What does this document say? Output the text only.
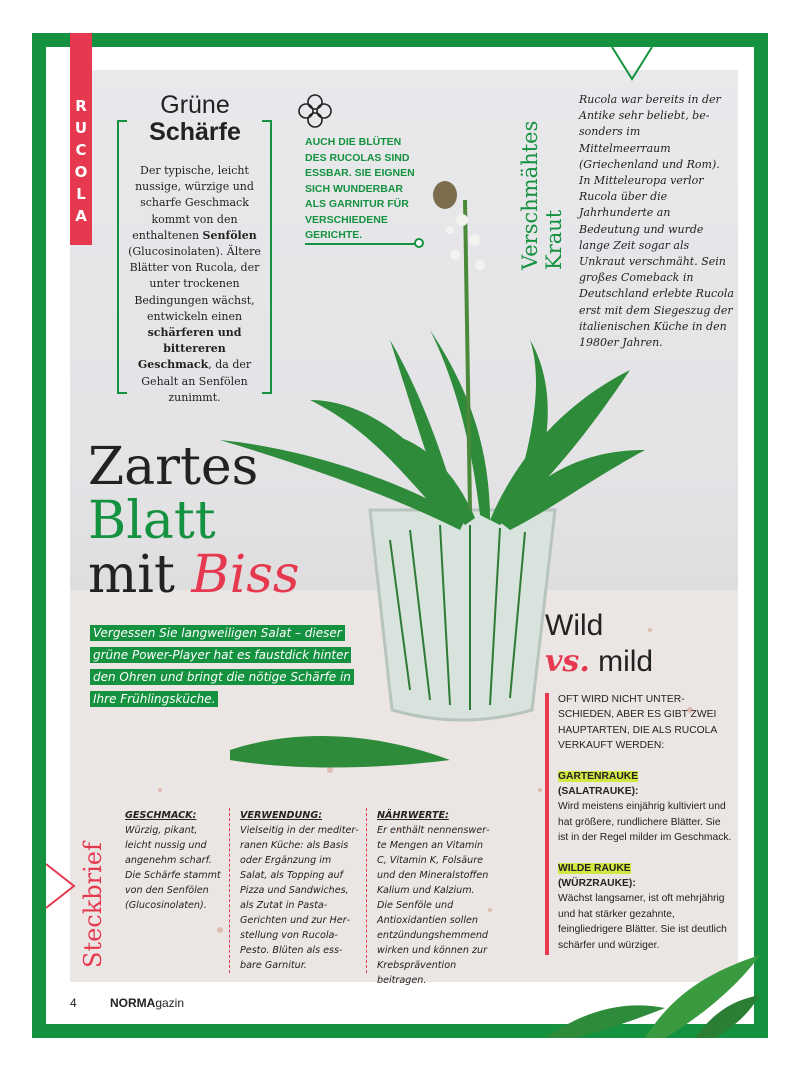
R
U
C
O
L
A
Grüne
Schärfe
Der typische, leicht nussige, würzige und scharfe Geschmack kommt von den enthaltenen Senfölen (Glucosinolaten). Ältere Blätter von Rucola, der unter trockenen Bedingungen wächst, entwickeln einen schärferen und bittereren Geschmack, da der Gehalt an Senfölen zunimmt.
AUCH DIE BLÜTEN DES RUCOLAS SIND ESSBAR. SIE EIGNEN SICH WUNDERBAR ALS GARNITUR FÜR VERSCHIEDENE GERICHTE.	Verschmähtes Kraut
Rucola war bereits in der Antike sehr beliebt, besonders im Mittelmeerraum (Griechenland und Rom). In Mitteleuropa verlor Rucola über die Jahrhunderte an Bedeutung und wurde lange Zeit sogar als Unkraut verschmäht. Sein großes Comeback in Deutschland erlebte Rucola erst mit dem Siegeszug der italienischen Küche in den 1980er Jahren.
Zartes
Blatt
mit Biss
Vergessen Sie langweiligen Salat – dieser grüne Power-Player hat es faustdick hinter den Ohren und bringt die nötige Schärfe in Ihre Frühlingsküche.
Wild
vs. mild
OFT WIRD NICHT UNTERSCHIEDEN, ABER ES GIBT ZWEI HAUPTARTEN, DIE ALS RUCOLA VERKAUFT WERDEN:
GARTENRAUKE
(SALATRAUKE):
Wird meistens einjährig kultiviert und hat größere, rundlichere Blätter. Sie ist in der Regel milder im Geschmack.
WILDE RAUKE
(WÜRZRAUKE):
Wächst langsamer, ist oft mehrjährig und hat stärker gezahnte, feingliedrigere Blätter. Sie ist deutlich schärfer und würziger.
Steckbrief
GESCHMACK:
Würzig, pikant, leicht nussig und angenehm scharf. Die Schärfe stammt von den Senfölen (Glucosinolaten).
VERWENDUNG:
Vielseitig in der mediterranen Küche: als Basis oder Ergänzung im Salat, als Topping auf Pizza und Sandwiches, als Zutat in Pasta-Gerichten und zur Herstellung von Rucola-Pesto. Blüten als essbare Garnitur.
NÄHRWERTE:
Er enthält nennenswerte Mengen an Vitamin C, Vitamin K, Folsäure und den Mineralstoffen Kalium und Kalzium. Die Senföle und Antioxidantien sollen entzündungshemmend wirken und können zur Krebsprävention beitragen.
4	NORMAgazin
